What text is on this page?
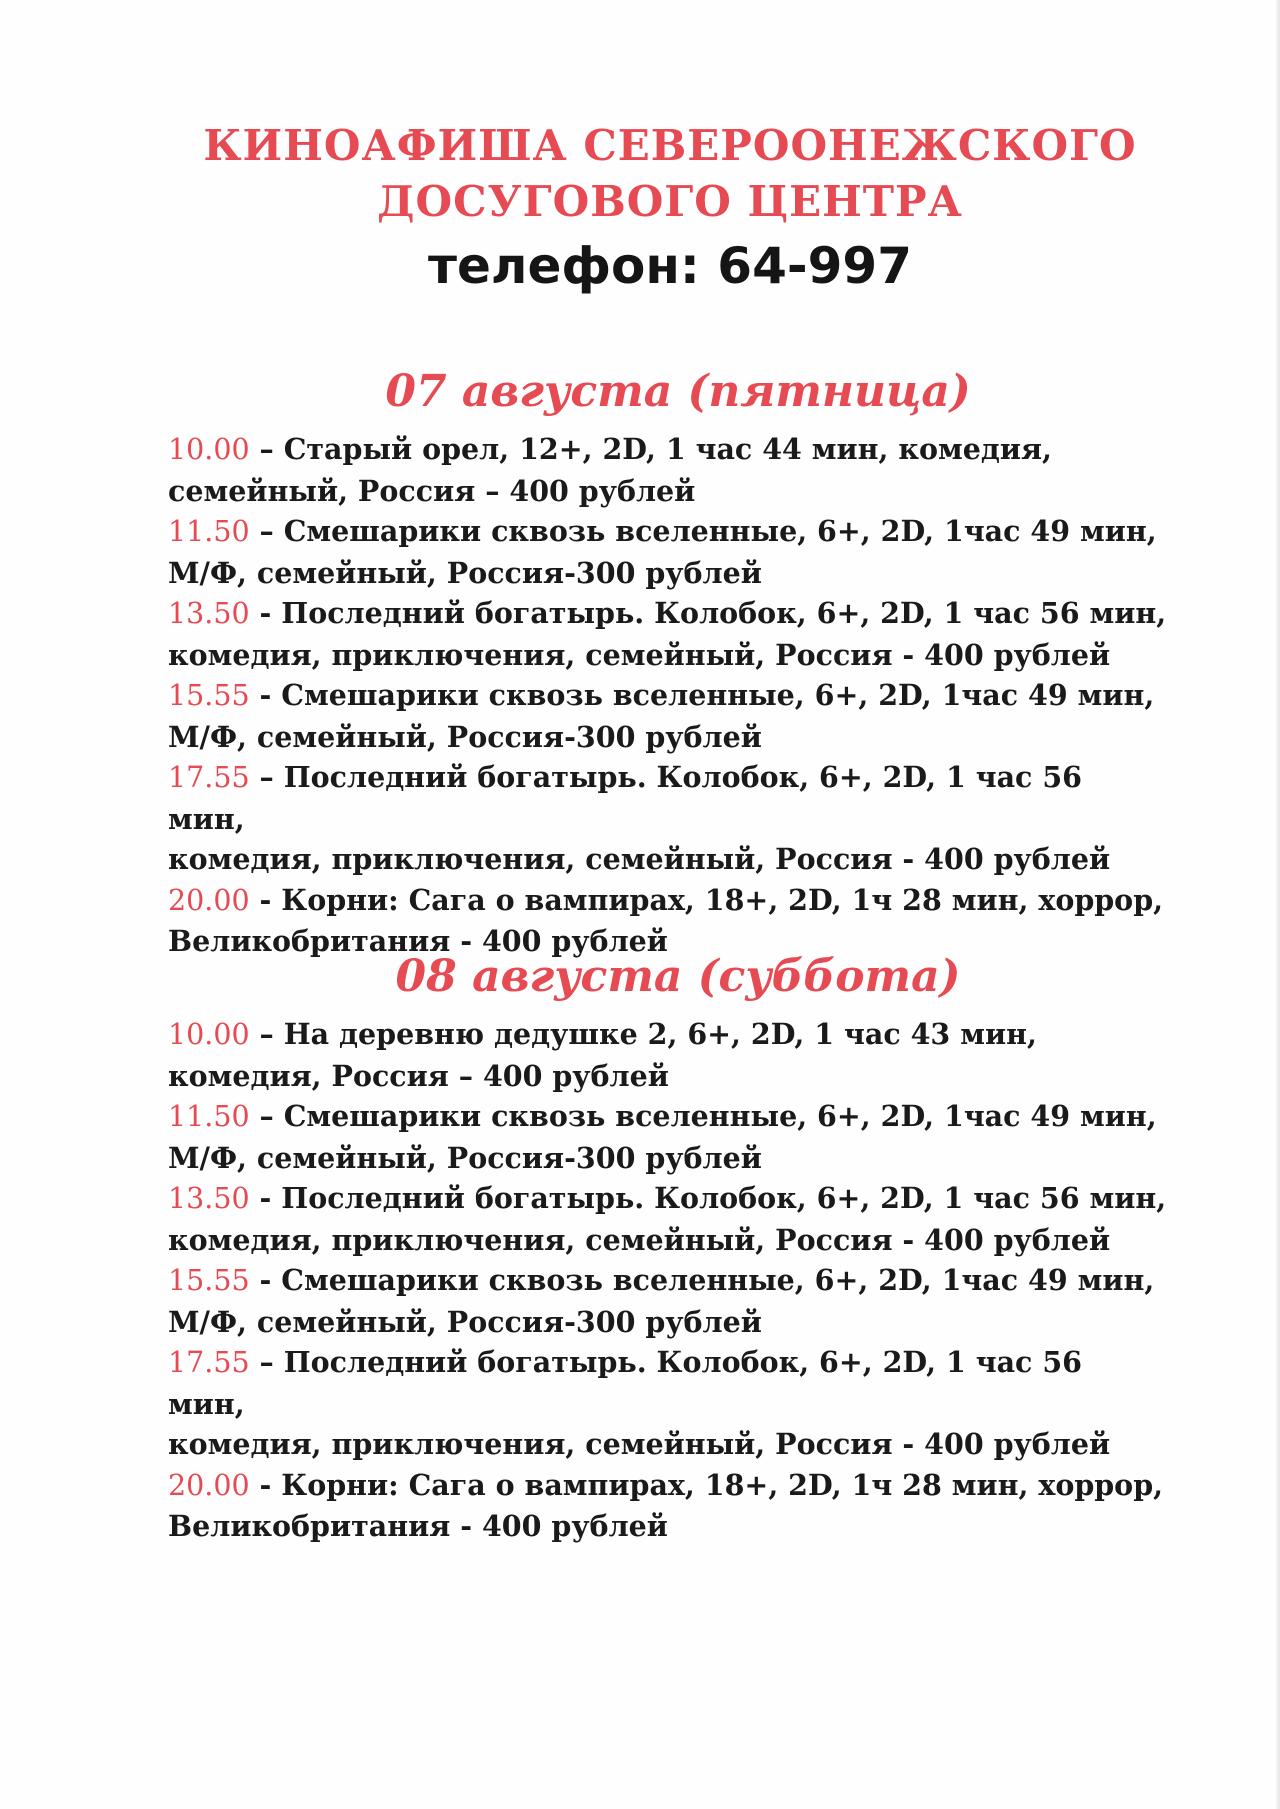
КИНОАФИША СЕВЕРООНЕЖСКОГО
ДОСУГОВОГО ЦЕНТРА
телефон: 64-997
07 августа (пятница)
10.00 – Старый орел, 12+, 2D, 1 час 44 мин, комедия,
семейный, Россия – 400 рублей
11.50 – Смешарики сквозь вселенные, 6+, 2D, 1час 49 мин,
М/Ф, семейный, Россия-300 рублей
13.50 - Последний богатырь. Колобок, 6+, 2D, 1 час 56 мин,
комедия, приключения, семейный, Россия - 400 рублей
15.55 - Смешарики сквозь вселенные, 6+, 2D, 1час 49 мин,
М/Ф, семейный, Россия-300 рублей
17.55 – Последний богатырь. Колобок, 6+, 2D, 1 час 56 мин,
комедия, приключения, семейный, Россия - 400 рублей
20.00 - Корни: Сага о вампирах, 18+, 2D, 1ч 28 мин, хоррор,
Великобритания - 400 рублей
08 августа (суббота)
10.00 – На деревню дедушке 2, 6+, 2D, 1 час 43 мин,
комедия, Россия – 400 рублей
11.50 – Смешарики сквозь вселенные, 6+, 2D, 1час 49 мин,
М/Ф, семейный, Россия-300 рублей
13.50 - Последний богатырь. Колобок, 6+, 2D, 1 час 56 мин,
комедия, приключения, семейный, Россия - 400 рублей
15.55 - Смешарики сквозь вселенные, 6+, 2D, 1час 49 мин,
М/Ф, семейный, Россия-300 рублей
17.55 – Последний богатырь. Колобок, 6+, 2D, 1 час 56 мин,
комедия, приключения, семейный, Россия - 400 рублей
20.00 - Корни: Сага о вампирах, 18+, 2D, 1ч 28 мин, хоррор,
Великобритания - 400 рублей
